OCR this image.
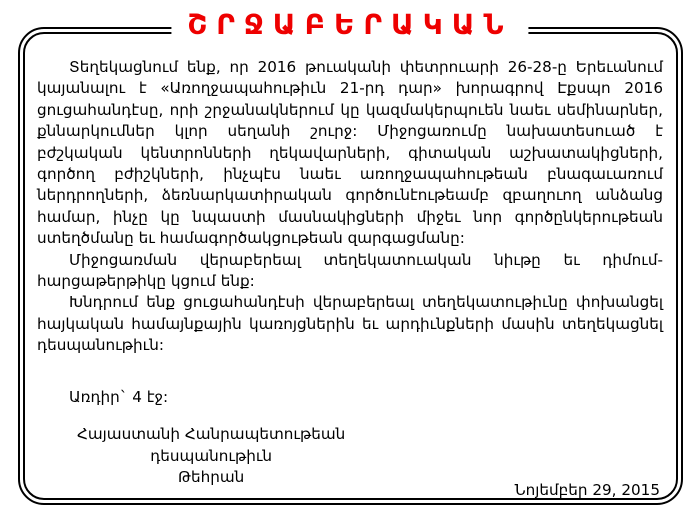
ՇՐՋԱԲԵՐԱԿԱՆ

Տեղեկացնում ենք, որ 2016 թուականի փետրուարի 26-28-ը Երեւանում կայանալու է «Առողջապահութիւն 21-րդ դար» խորագրով Էքսպո 2016 ցուցահանդէսը, որի շրջանակներում կը կազմակերպուեն նաեւ սեմինարներ, քննարկումներ կլոր սեղանի շուրջ: Միջոցառումը նախատեսուած է բժշկական կենտրոնների ղեկավարների, գիտական աշխատակիցների, գործող բժիշկների, ինչպէս նաեւ առողջապահութեան բնագաւառում ներդրողների, ձեռնարկատիրական գործունէութեամբ զբաղուող անձանց համար, ինչը կը նպաստի մասնակիցների միջեւ նոր գործընկերութեան ստեղծմանը եւ համագործակցութեան զարգացմանը:

Միջոցառման վերաբերեալ տեղեկատուական նիւթը եւ դիմում-հարցաթերթիկը կցում ենք:

Խնդրում ենք ցուցահանդէսի վերաբերեալ տեղեկատութիւնը փոխանցել հայկական համայնքային կառոյցներին եւ արդիւնքների մասին տեղեկացնել դեսպանութիւն:

Առդիր` 4 էջ:

Հայաստանի Հանրապետութեան
դեսպանութիւն
Թեհրան
Նոյեմբեր 29, 2015
